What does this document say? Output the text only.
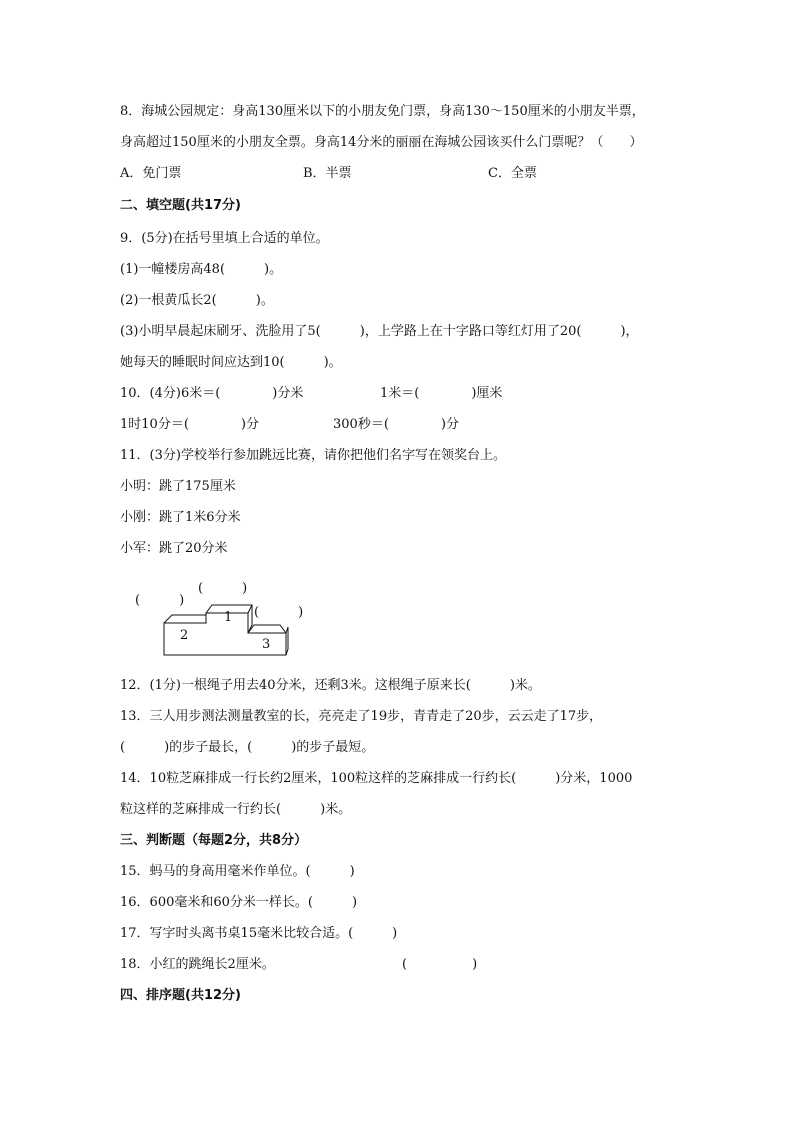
8．海城公园规定：身高130厘米以下的小朋友免门票，身高130～150厘米的小朋友半票，
身高超过150厘米的小朋友全票。身高14分米的丽丽在海城公园该买什么门票呢？（　　）
A．免门票	B．半票	C．全票
二、填空题(共17分)
9．(5分)在括号里填上合适的单位。
(1)一幢楼房高48(　　　)。
(2)一根黄瓜长2(　　　)。
(3)小明早晨起床刷牙、洗脸用了5(　　　)，上学路上在十字路口等红灯用了20(　　　)，
她每天的睡眠时间应达到10(　　　)。
10．(4分)6米＝(　　　　)分米	1米＝(　　　　)厘米
1时10分＝(　　　　)分	300秒＝(　　　　)分
11．(3分)学校举行参加跳远比赛，请你把他们名字写在领奖台上。
小明：跳了175厘米
小刚：跳了1米6分米
小军：跳了20分米
(　　　)
(　　　)
(　　　)
1
2
3
12．(1分)一根绳子用去40分米，还剩3米。这根绳子原来长(　　　)米。
13．三人用步测法测量教室的长，亮亮走了19步，青青走了20步，云云走了17步，
(　　　)的步子最长，(　　　)的步子最短。
14．10粒芝麻排成一行长约2厘米，100粒这样的芝麻排成一行约长(　　　)分米，1000
粒这样的芝麻排成一行约长(　　　)米。
三、判断题（每题2分，共8分）
15．蚂马的身高用毫米作单位。(　　　)
16．600毫米和60分米一样长。(　　　)
17．写字时头离书桌15毫米比较合适。(　　　)
18．小红的跳绳长2厘米。	(　　　　　)
四、排序题(共12分)
